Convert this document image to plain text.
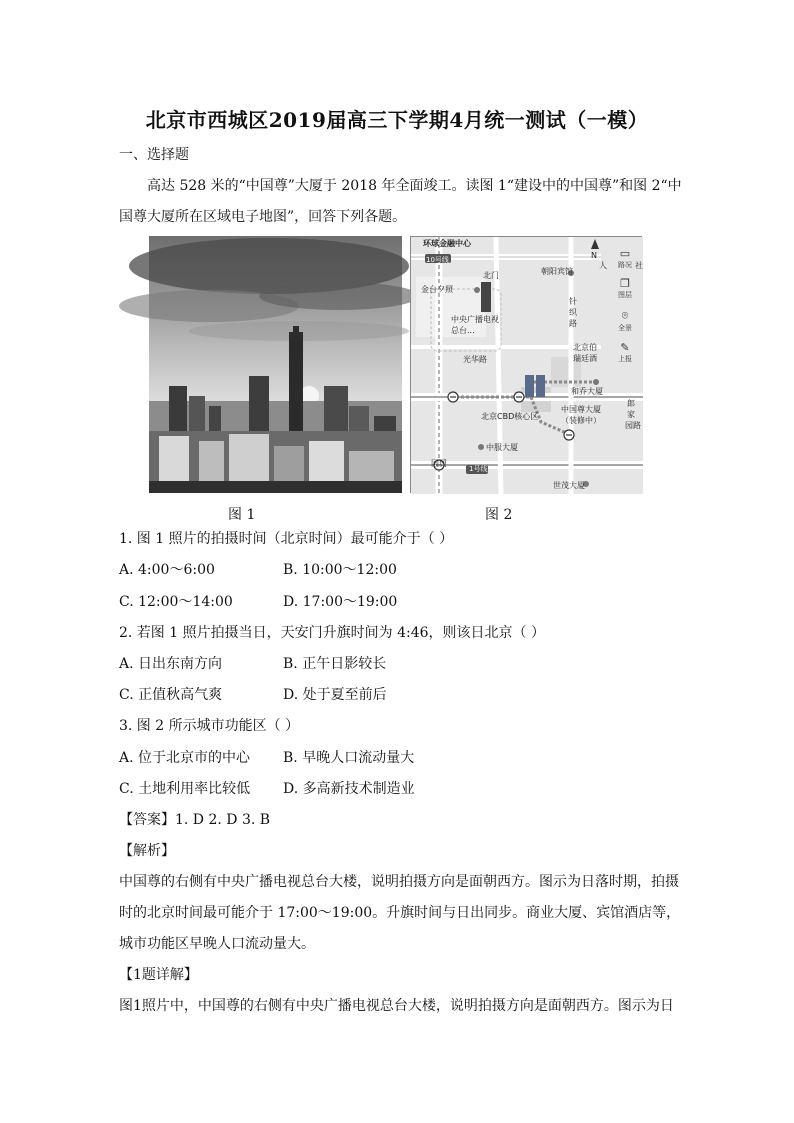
北京市西城区2019届高三下学期4月统一测试（一模）
一、选择题
高达 528 米的“中国尊”大厦于 2018 年全面竣工。读图 1“建设中的中国尊”和图 2“中
国尊大厦所在区域电子地图”，回答下列各题。
环球金融中心
10号线
北门	朝阳宾馆
金台夕照
中央广播电视
总台...
针
织
路
光华路
北京伯
瑞廷酒
和乔大厦
中国尊大厦
（装修中）
北京CBD核心区
郎
家
园路
中服大厦
国贸
1号线
世茂大厦
N
人	社
▭
路况
❐
图层
⌾
全景
✎
上报
图 1	图 2
1. 图 1 照片的拍摄时间（北京时间）最可能介于（ ）
A. 4:00～6:00	B. 10:00～12:00
C. 12:00～14:00	D. 17:00～19:00
2. 若图 1 照片拍摄当日，天安门升旗时间为 4:46，则该日北京（ ）
A. 日出东南方向	B. 正午日影较长
C. 正值秋高气爽	D. 处于夏至前后
3. 图 2 所示城市功能区（ ）
A. 位于北京市的中心 B. 早晚人口流动量大
C. 土地利用率比较低 D. 多高新技术制造业
【答案】1. D 2. D 3. B
【解析】
中国尊的右侧有中央广播电视总台大楼，说明拍摄方向是面朝西方。图示为日落时期，拍摄
时的北京时间最可能介于 17:00～19:00。升旗时间与日出同步。商业大厦、宾馆酒店等，
城市功能区早晚人口流动量大。
【1题详解】
图1照片中，中国尊的右侧有中央广播电视总台大楼，说明拍摄方向是面朝西方。图示为日
